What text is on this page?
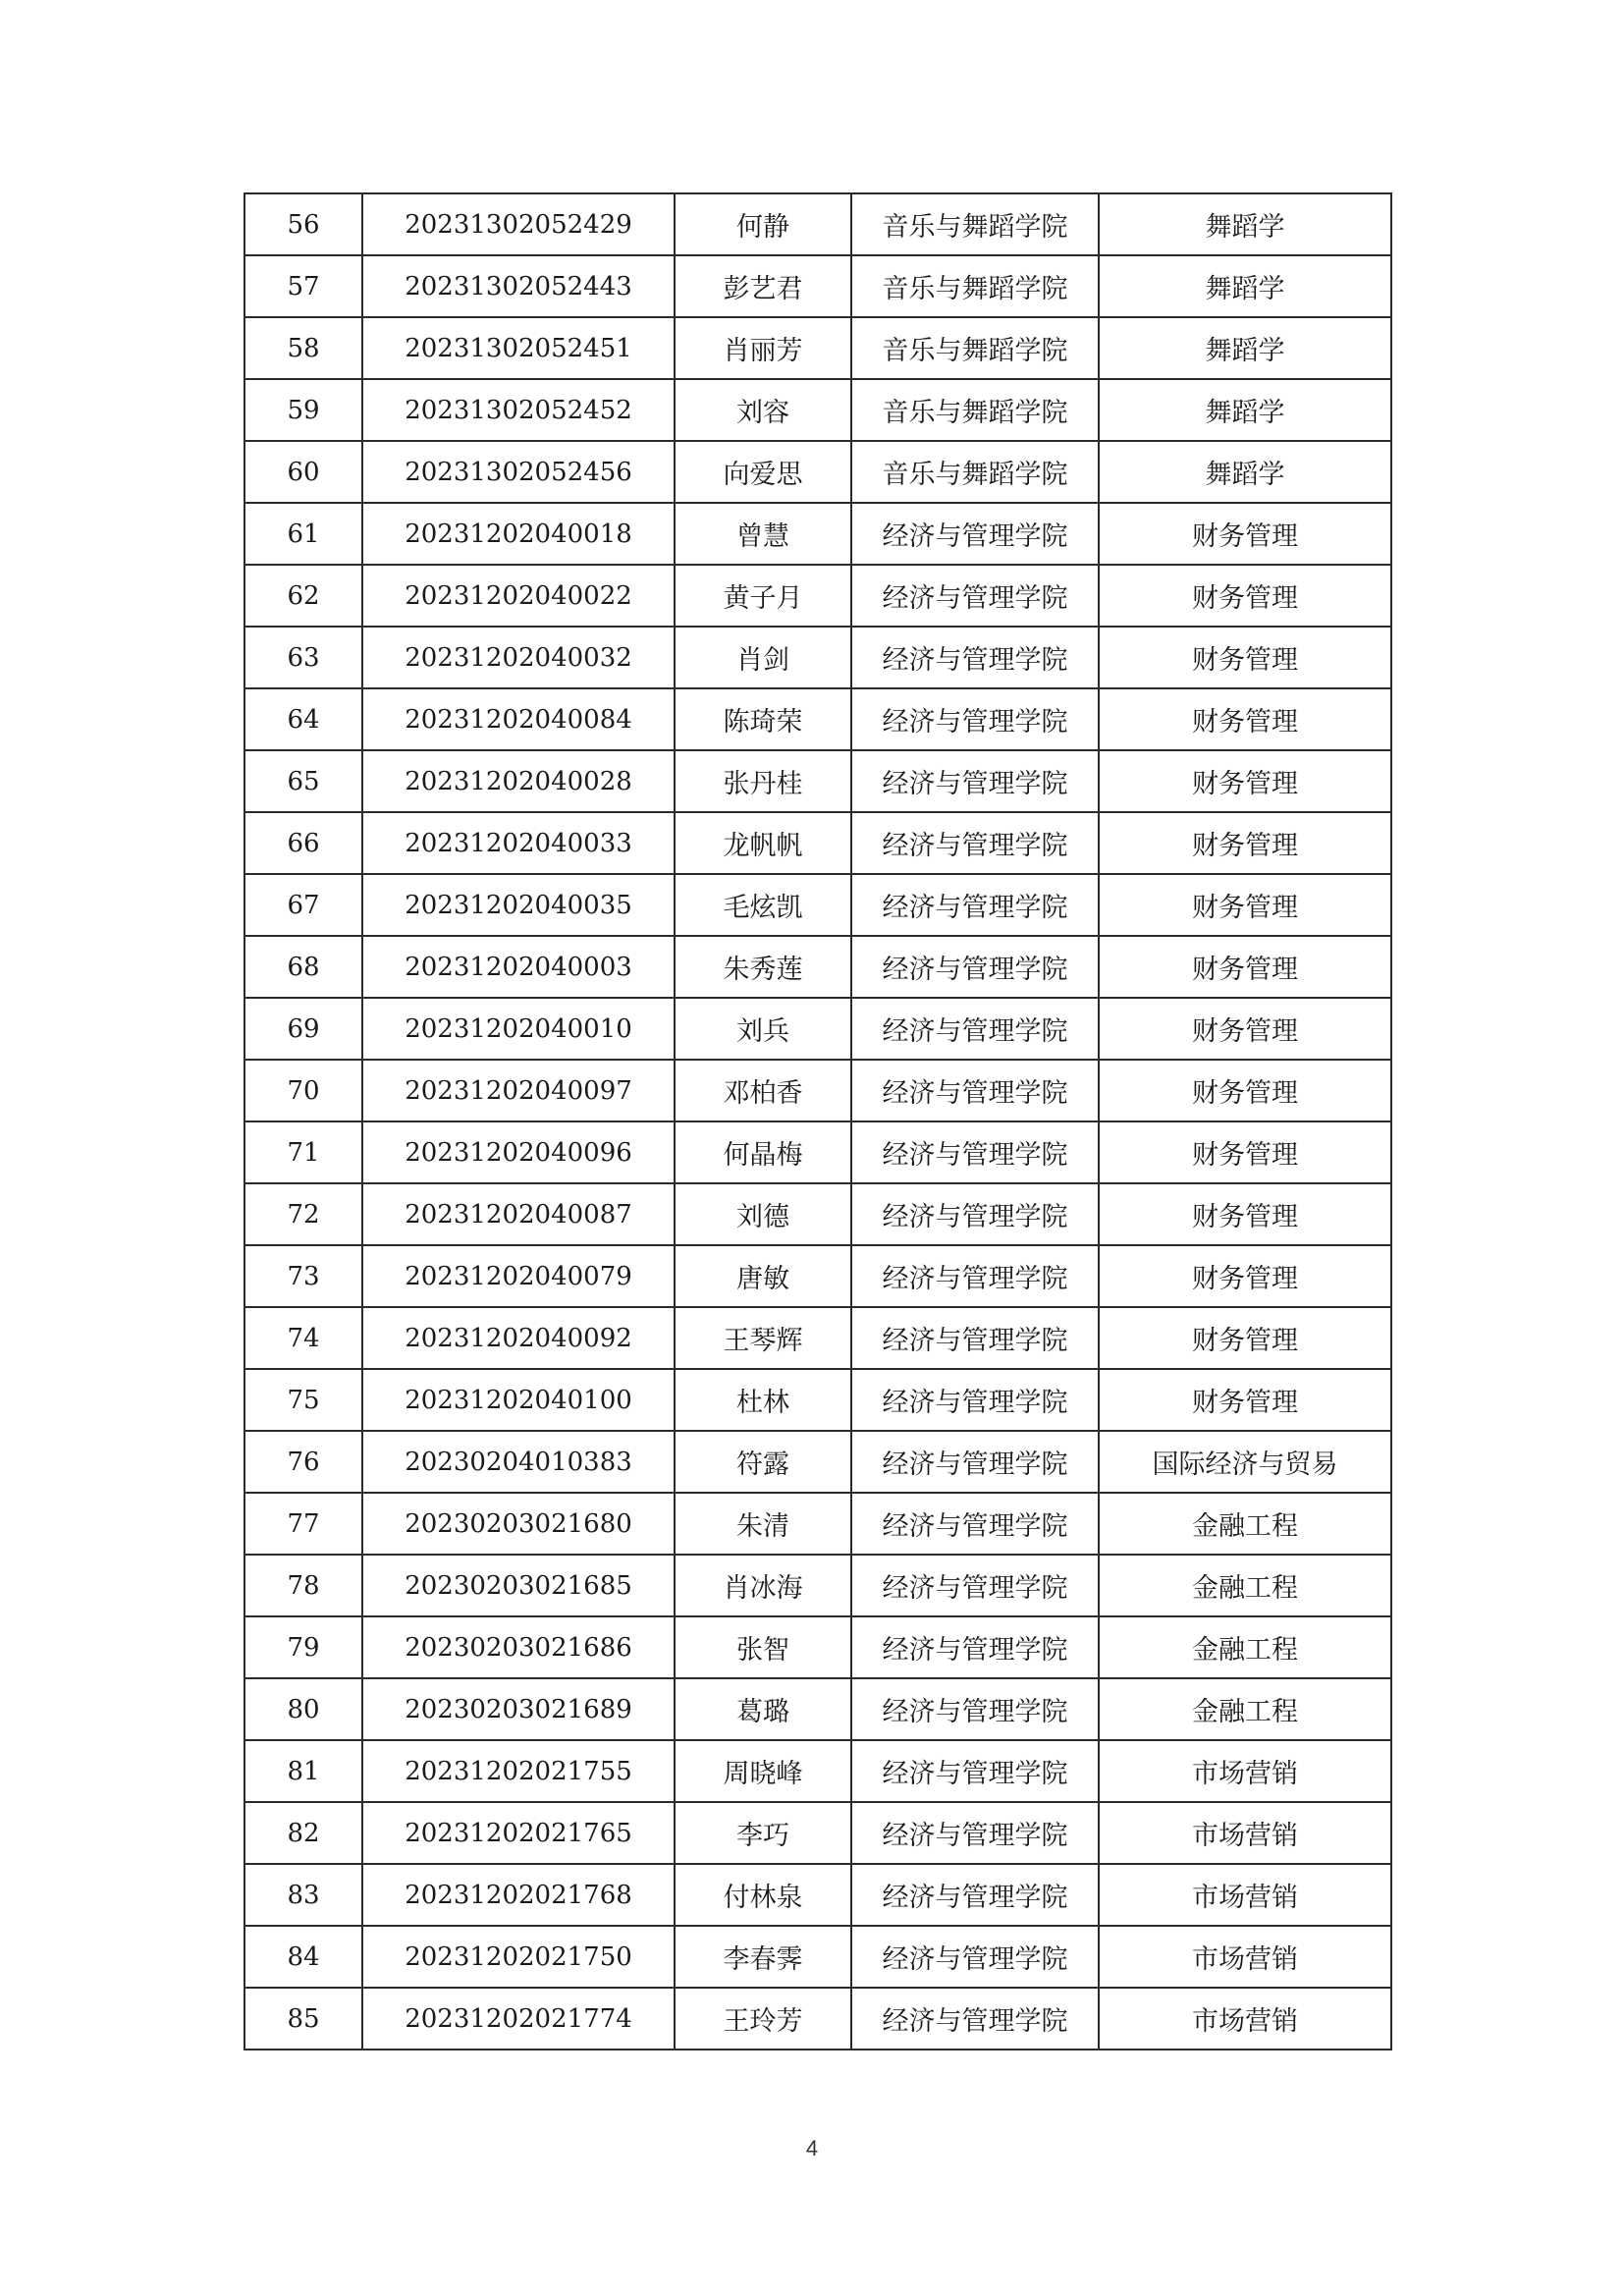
56	20231302052429	何静	音乐与舞蹈学院	舞蹈学
57	20231302052443	彭艺君	音乐与舞蹈学院	舞蹈学
58	20231302052451	肖丽芳	音乐与舞蹈学院	舞蹈学
59	20231302052452	刘容	音乐与舞蹈学院	舞蹈学
60	20231302052456	向爱思	音乐与舞蹈学院	舞蹈学
61	20231202040018	曾慧	经济与管理学院	财务管理
62	20231202040022	黄子月	经济与管理学院	财务管理
63	20231202040032	肖剑	经济与管理学院	财务管理
64	20231202040084	陈琦荣	经济与管理学院	财务管理
65	20231202040028	张丹桂	经济与管理学院	财务管理
66	20231202040033	龙帆帆	经济与管理学院	财务管理
67	20231202040035	毛炫凯	经济与管理学院	财务管理
68	20231202040003	朱秀莲	经济与管理学院	财务管理
69	20231202040010	刘兵	经济与管理学院	财务管理
70	20231202040097	邓柏香	经济与管理学院	财务管理
71	20231202040096	何晶梅	经济与管理学院	财务管理
72	20231202040087	刘德	经济与管理学院	财务管理
73	20231202040079	唐敏	经济与管理学院	财务管理
74	20231202040092	王琴辉	经济与管理学院	财务管理
75	20231202040100	杜林	经济与管理学院	财务管理
76	20230204010383	符露	经济与管理学院	国际经济与贸易
77	20230203021680	朱清	经济与管理学院	金融工程
78	20230203021685	肖冰海	经济与管理学院	金融工程
79	20230203021686	张智	经济与管理学院	金融工程
80	20230203021689	葛璐	经济与管理学院	金融工程
81	20231202021755	周晓峰	经济与管理学院	市场营销
82	20231202021765	李巧	经济与管理学院	市场营销
83	20231202021768	付林泉	经济与管理学院	市场营销
84	20231202021750	李春霁	经济与管理学院	市场营销
85	20231202021774	王玲芳	经济与管理学院	市场营销
4
